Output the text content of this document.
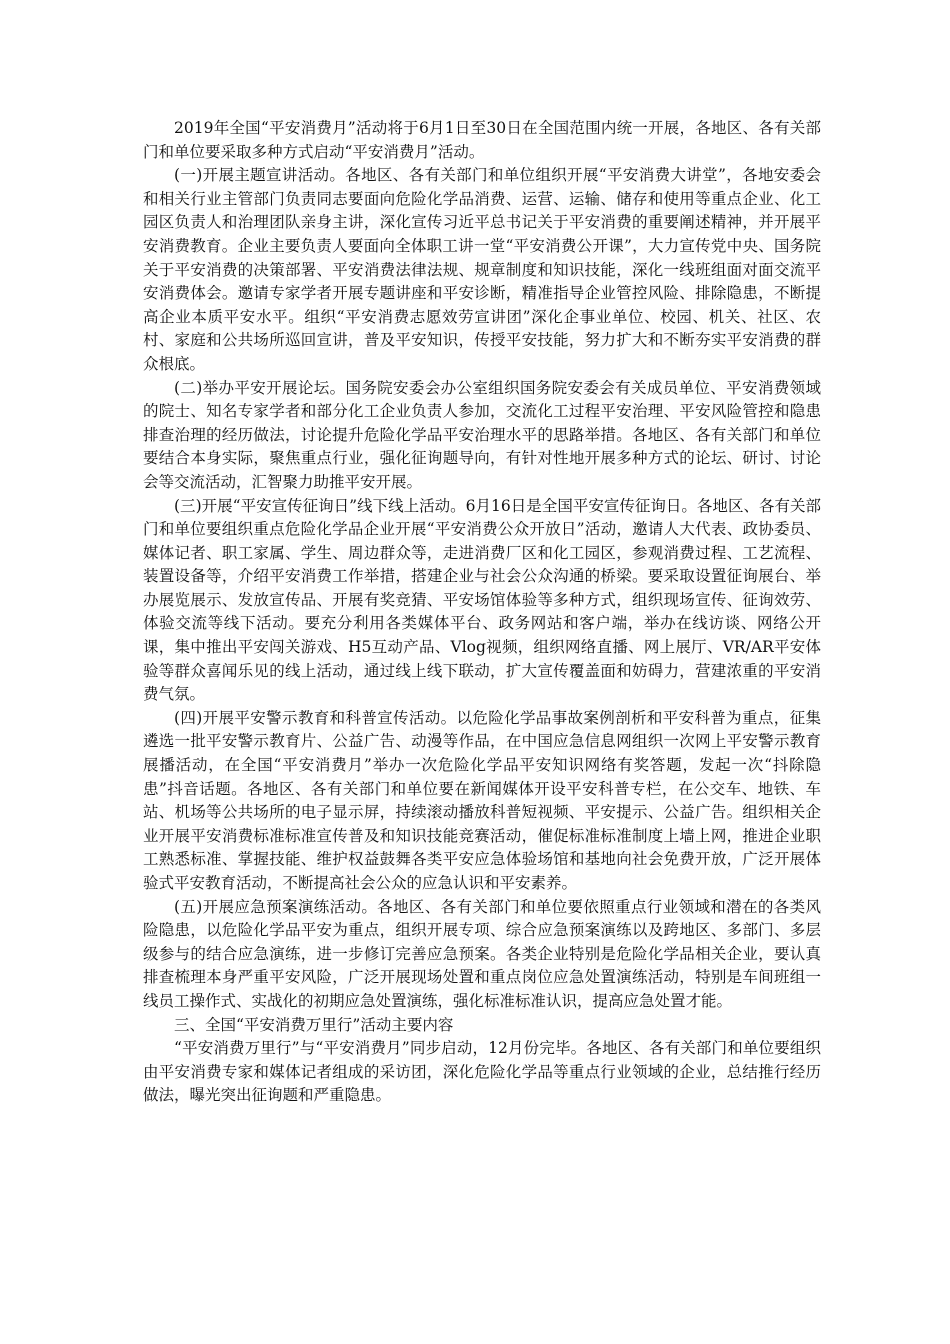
2019年全国“平安消费月”活动将于6月1日至30日在全国范围内统一开展，各地区、各有关部门和单位要采取多种方式启动“平安消费月”活动。

(一)开展主题宣讲活动。各地区、各有关部门和单位组织开展“平安消费大讲堂”，各地安委会和相关行业主管部门负责同志要面向危险化学品消费、运营、运输、储存和使用等重点企业、化工园区负责人和治理团队亲身主讲，深化宣传习近平总书记关于平安消费的重要阐述精神，并开展平安消费教育。企业主要负责人要面向全体职工讲一堂“平安消费公开课”，大力宣传党中央、国务院关于平安消费的决策部署、平安消费法律法规、规章制度和知识技能，深化一线班组面对面交流平安消费体会。邀请专家学者开展专题讲座和平安诊断，精准指导企业管控风险、排除隐患，不断提高企业本质平安水平。组织“平安消费志愿效劳宣讲团”深化企事业单位、校园、机关、社区、农村、家庭和公共场所巡回宣讲，普及平安知识，传授平安技能，努力扩大和不断夯实平安消费的群众根底。

(二)举办平安开展论坛。国务院安委会办公室组织国务院安委会有关成员单位、平安消费领域的院士、知名专家学者和部分化工企业负责人参加，交流化工过程平安治理、平安风险管控和隐患排查治理的经历做法，讨论提升危险化学品平安治理水平的思路举措。各地区、各有关部门和单位要结合本身实际，聚焦重点行业，强化征询题导向，有针对性地开展多种方式的论坛、研讨、讨论会等交流活动，汇智聚力助推平安开展。

(三)开展“平安宣传征询日”线下线上活动。6月16日是全国平安宣传征询日。各地区、各有关部门和单位要组织重点危险化学品企业开展“平安消费公众开放日”活动，邀请人大代表、政协委员、媒体记者、职工家属、学生、周边群众等，走进消费厂区和化工园区，参观消费过程、工艺流程、装置设备等，介绍平安消费工作举措，搭建企业与社会公众沟通的桥梁。要采取设置征询展台、举办展览展示、发放宣传品、开展有奖竞猜、平安场馆体验等多种方式，组织现场宣传、征询效劳、体验交流等线下活动。要充分利用各类媒体平台、政务网站和客户端，举办在线访谈、网络公开课，集中推出平安闯关游戏、H5互动产品、Vlog视频，组织网络直播、网上展厅、VR/AR平安体验等群众喜闻乐见的线上活动，通过线上线下联动，扩大宣传覆盖面和妨碍力，营建浓重的平安消费气氛。

(四)开展平安警示教育和科普宣传活动。以危险化学品事故案例剖析和平安科普为重点，征集遴选一批平安警示教育片、公益广告、动漫等作品，在中国应急信息网组织一次网上平安警示教育展播活动，在全国“平安消费月”举办一次危险化学品平安知识网络有奖答题，发起一次“抖除隐患”抖音话题。各地区、各有关部门和单位要在新闻媒体开设平安科普专栏，在公交车、地铁、车站、机场等公共场所的电子显示屏，持续滚动播放科普短视频、平安提示、公益广告。组织相关企业开展平安消费标准标准宣传普及和知识技能竞赛活动，催促标准标准制度上墙上网，推进企业职工熟悉标准、掌握技能、维护权益鼓舞各类平安应急体验场馆和基地向社会免费开放，广泛开展体验式平安教育活动，不断提高社会公众的应急认识和平安素养。

(五)开展应急预案演练活动。各地区、各有关部门和单位要依照重点行业领域和潜在的各类风险隐患，以危险化学品平安为重点，组织开展专项、综合应急预案演练以及跨地区、多部门、多层级参与的结合应急演练，进一步修订完善应急预案。各类企业特别是危险化学品相关企业，要认真排查梳理本身严重平安风险，广泛开展现场处置和重点岗位应急处置演练活动，特别是车间班组一线员工操作式、实战化的初期应急处置演练，强化标准标准认识，提高应急处置才能。

三、全国“平安消费万里行”活动主要内容

“平安消费万里行”与“平安消费月”同步启动，12月份完毕。各地区、各有关部门和单位要组织由平安消费专家和媒体记者组成的采访团，深化危险化学品等重点行业领域的企业，总结推行经历做法，曝光突出征询题和严重隐患。
